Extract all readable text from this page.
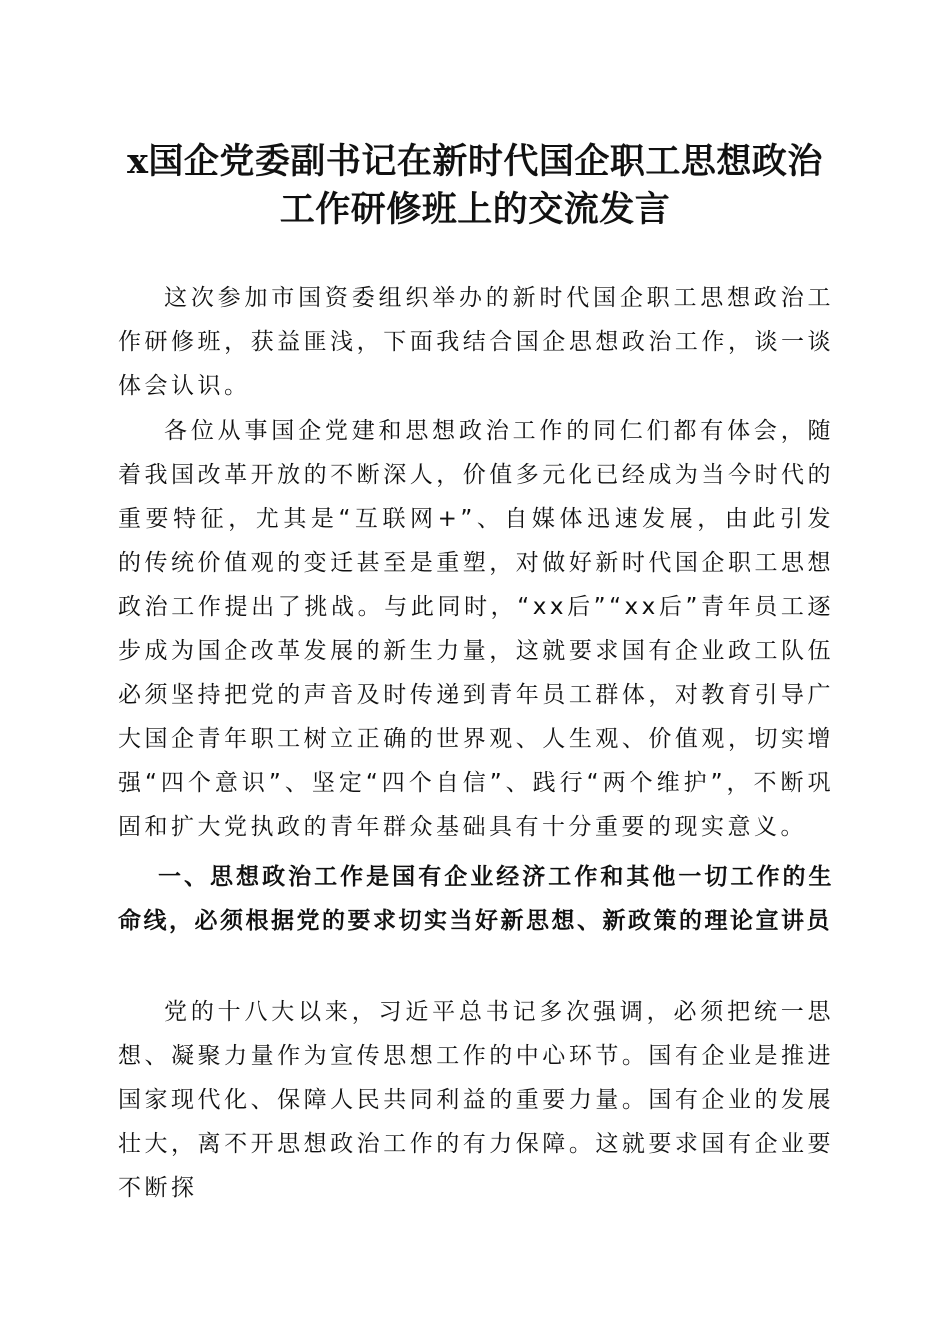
x国企党委副书记在新时代国企职工思想政治
工作研修班上的交流发言

这次参加市国资委组织举办的新时代国企职工思想政治工作研修班，获益匪浅，下面我结合国企思想政治工作，谈一谈体会认识。

各位从事国企党建和思想政治工作的同仁们都有体会，随着我国改革开放的不断深人，价值多元化已经成为当今时代的重要特征，尤其是“互联网+”、自媒体迅速发展，由此引发的传统价值观的变迁甚至是重塑，对做好新时代国企职工思想政治工作提出了挑战。与此同时，“xx后”“xx后”青年员工逐步成为国企改革发展的新生力量，这就要求国有企业政工队伍必须坚持把党的声音及时传递到青年员工群体，对教育引导广大国企青年职工树立正确的世界观、人生观、价值观，切实增强“四个意识”、坚定“四个自信”、践行“两个维护”，不断巩固和扩大党执政的青年群众基础具有十分重要的现实意义。

一、思想政治工作是国有企业经济工作和其他一切工作的生命线，必须根据党的要求切实当好新思想、新政策的理论宣讲员

党的十八大以来，习近平总书记多次强调，必须把统一思想、凝聚力量作为宣传思想工作的中心环节。国有企业是推进国家现代化、保障人民共同利益的重要力量。国有企业的发展壮大，离不开思想政治工作的有力保障。这就要求国有企业要不断探
